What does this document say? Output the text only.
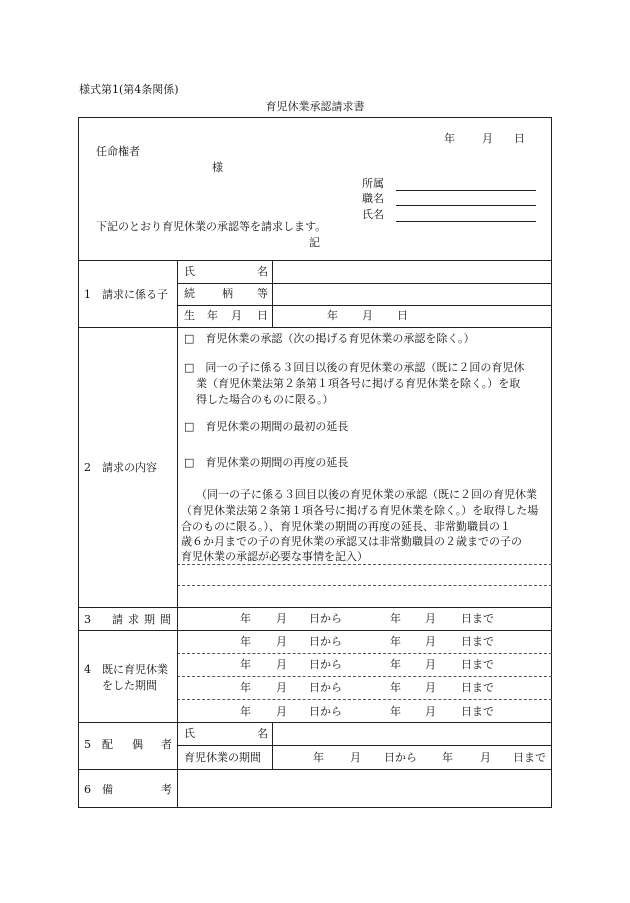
様式第1(第4条関係)
育児休業承認請求書
年 月 日
任命権者
様
所属
職名
氏名
下記のとおり育児休業の承認等を請求します。
記
1　請求に係る子
氏	名
続 柄 等
生 年 月 日	年 月 日
2　請求の内容
□　育児休業の承認（次の掲げる育児休業の承認を除く。）
□　同一の子に係る３回目以後の育児休業の承認（既に２回の育児休
業（育児休業法第２条第１項各号に掲げる育児休業を除く。）を取
得した場合のものに限る。）
□　育児休業の期間の最初の延長
□　育児休業の期間の再度の延長
（同一の子に係る３回目以後の育児休業の承認（既に２回の育児休業
（育児休業法第２条第１項各号に掲げる育児休業を除く。）を取得した場
合のものに限る。）、育児休業の期間の再度の延長、非常勤職員の１
歳６か月までの子の育児休業の承認又は非常勤職員の２歳までの子の
育児休業の承認が必要な事情を記入）
3　請求期間	年 月 日から	年 月 日まで
4　既に育児休業
をした期間
年 月 日から	年 月 日まで
年 月 日から	年 月 日まで
年 月 日から	年 月 日まで
年 月 日から	年 月 日まで
5 配 偶 者
氏	名
育児休業の期間	年 月 日から 年 月 日まで
6 備	考
